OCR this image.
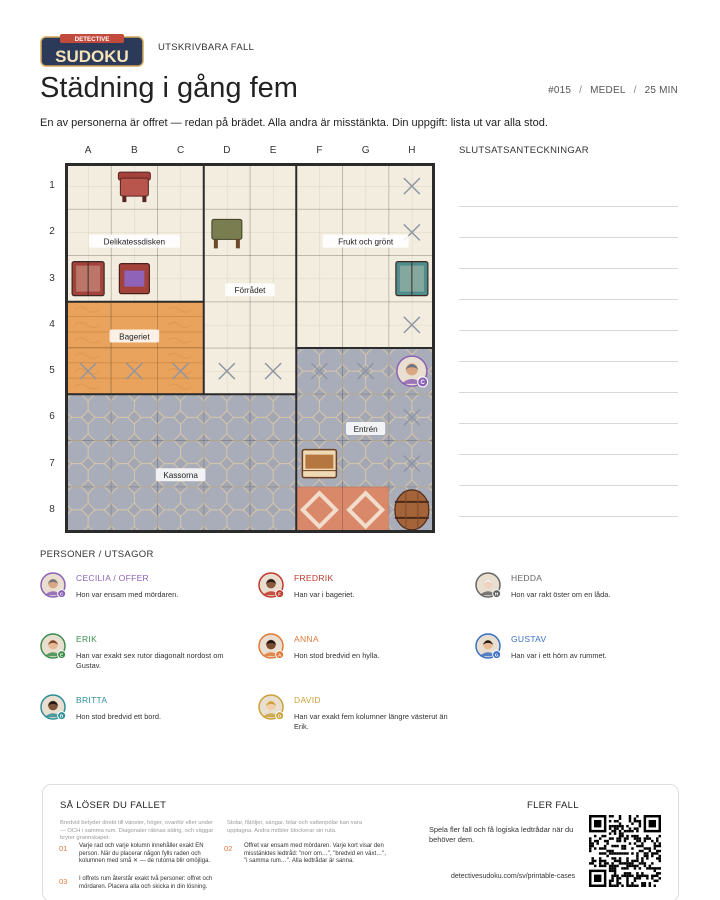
DETECTIVE
SUDOKU	UTSKRIVBARA FALL
Städning i gång fem	#015 / MEDEL / 25 MIN
En av personerna är offret — redan på brädet. Alla andra är misstänkta. Din uppgift: lista ut var alla stod.
A	B	C	D	E	F	G	H
1
2
3
4
5
6
7
8
C
Delikatessdisken	Frukt och grönt
Förrådet
Bageriet
Entrén
Kassorna
SLUTSATSANTECKNINGAR
PERSONER / UTSAGOR
C
CECILIA / OFFER
Hon var ensam med mördaren.	F
FREDRIK
Han var i bageriet.	H
HEDDA
Hon var rakt öster om en låda.
E
ERIK
Han var exakt sex rutor diagonalt nordost om Gustav.
A
ANNA
Hon stod bredvid en hylla.	G
GUSTAV
Han var i ett hörn av rummet.
B
BRITTA
Hon stod bredvid ett bord.	D
DAVID
Han var exakt fem kolumner längre västerut än Erik.
SÅ LÖSER DU FALLET
Bredvid betyder direkt till vänster, höger, ovanför eller under — OCH i samma rum. Diagonaler räknas aldrig, och väggar bryter grannskapet.
Stolar, fåtöljer, sängar, bilar och vattenpölar kan vara upptagna. Andra möbler blockerar sin ruta.
01 Varje rad och varje kolumn innehåller exakt EN person. När du placerar någon fylls raden och kolumnen med små ✕ — de rutorna blir omöjliga.
02 Offret var ensam med mördaren. Varje kort visar den misstänktes ledtråd: "norr om…", "bredvid en växt…", "i samma rum…". Alla ledtrådar är sanna.
03 I offrets rum återstår exakt två personer: offret och mördaren. Placera alla och skicka in din lösning.
FLER FALL
Spela fler fall och få logiska ledtrådar när du behöver dem.
detectivesudoku.com/sv/printable-cases
